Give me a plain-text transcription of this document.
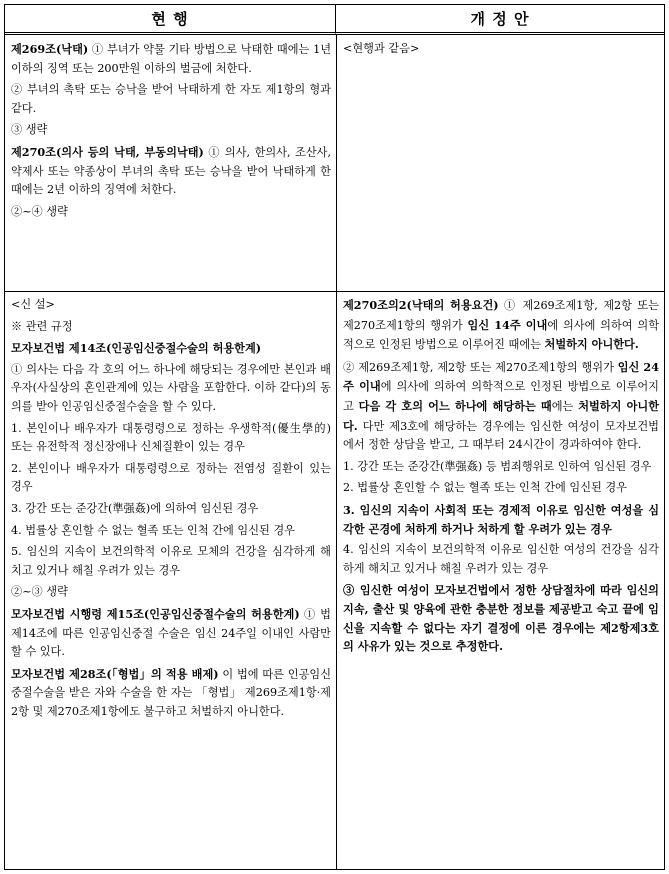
현 행	개 정 안

제269조(낙태) ① 부녀가 약물 기타 방법으로 낙태한 때에는 1년 이하의 징역 또는 200만원 이하의 벌금에 처한다.

② 부녀의 촉탁 또는 승낙을 받어 낙태하게 한 자도 제1항의 형과 같다.

③ 생략

제270조(의사 등의 낙태, 부동의낙태) ① 의사, 한의사, 조산사, 약제사 또는 약종상이 부녀의 촉탁 또는 승낙을 받어 낙태하게 한 때에는 2년 이하의 징역에 처한다.

②~④ 생략

<현행과 같음>

<신 설>

※ 관련 규정

모자보건법 제14조(인공임신중절수술의 허용한계)

① 의사는 다음 각 호의 어느 하나에 해당되는 경우에만 본인과 배우자(사실상의 혼인관계에 있는 사람을 포함한다. 이하 같다)의 동의를 받아 인공임신중절수술을 할 수 있다.

1. 본인이나 배우자가 대통령령으로 정하는 우생학적(優生學的) 또는 유전학적 정신장애나 신체질환이 있는 경우

2. 본인이나 배우자가 대통령령으로 정하는 전염성 질환이 있는 경우

3. 강간 또는 준강간(準强姦)에 의하여 임신된 경우

4. 법률상 혼인할 수 없는 혈족 또는 인척 간에 임신된 경우

5. 임신의 지속이 보건의학적 이유로 모체의 건강을 심각하게 해치고 있거나 해칠 우려가 있는 경우

②~③ 생략

모자보건법 시행령 제15조(인공임신중절수술의 허용한계) ① 법 제14조에 따른 인공임신중절 수술은 임신 24주일 이내인 사람만 할 수 있다.

모자보건법 제28조(「형법」의 적용 배제) 이 법에 따른 인공임신중절수술을 받은 자와 수술을 한 자는 「형법」 제269조제1항·제2항 및 제270조제1항에도 불구하고 처벌하지 아니한다.

제270조의2(낙태의 허용요건) ① 제269조제1항, 제2항 또는 제270조제1항의 행위가 임신 14주 이내에 의사에 의하여 의학적으로 인정된 방법으로 이루어진 때에는 처벌하지 아니한다.

② 제269조제1항, 제2항 또는 제270조제1항의 행위가 임신 24주 이내에 의사에 의하여 의학적으로 인정된 방법으로 이루어지고 다음 각 호의 어느 하나에 해당하는 때에는 처벌하지 아니한다. 다만 제3호에 해당하는 경우에는 임신한 여성이 모자보건법에서 정한 상담을 받고, 그 때부터 24시간이 경과하여야 한다.

1. 강간 또는 준강간(準强姦) 등 범죄행위로 인하여 임신된 경우

2. 법률상 혼인할 수 없는 혈족 또는 인척 간에 임신된 경우

3. 임신의 지속이 사회적 또는 경제적 이유로 임신한 여성을 심각한 곤경에 처하게 하거나 처하게 할 우려가 있는 경우

4. 임신의 지속이 보건의학적 이유로 임신한 여성의 건강을 심각하게 해치고 있거나 해칠 우려가 있는 경우

③ 임신한 여성이 모자보건법에서 정한 상담절차에 따라 임신의 지속, 출산 및 양육에 관한 충분한 정보를 제공받고 숙고 끝에 임신을 지속할 수 없다는 자기 결정에 이른 경우에는 제2항제3호의 사유가 있는 것으로 추정한다.
